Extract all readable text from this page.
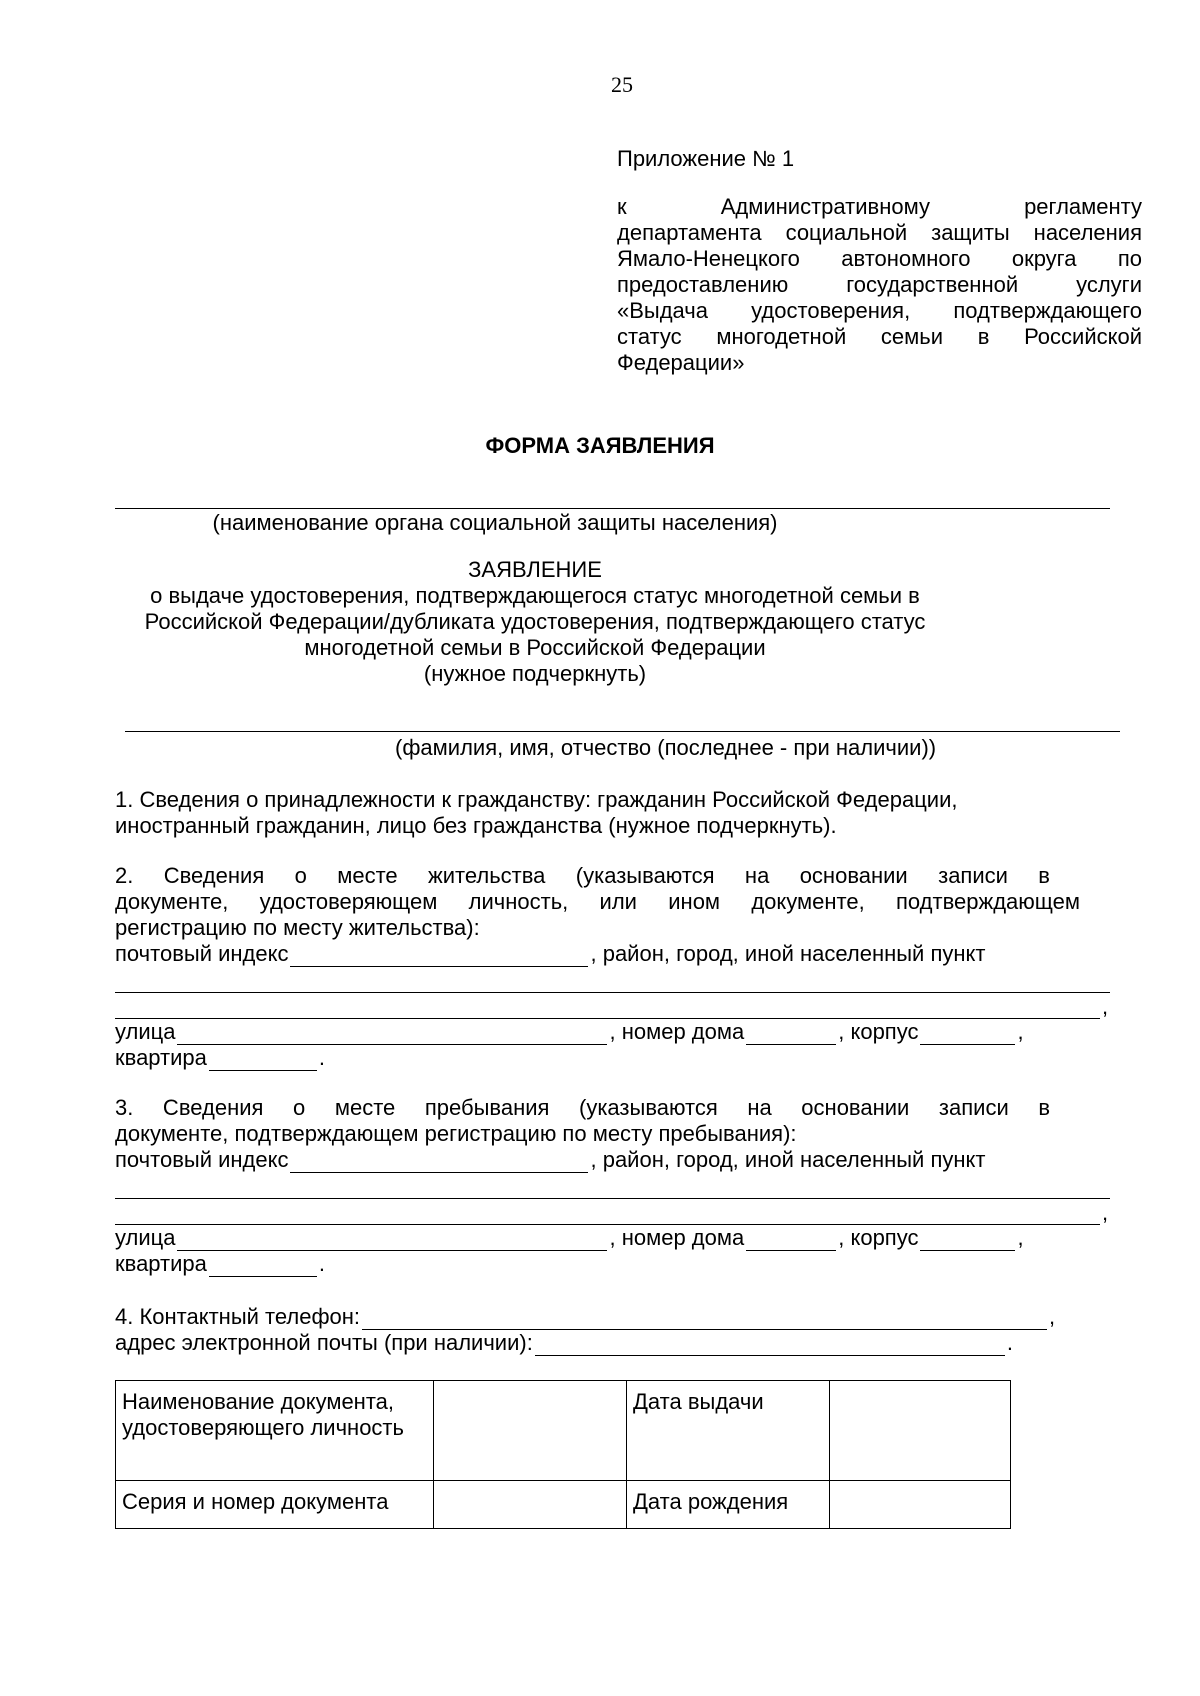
25
Приложение № 1
к Административному регламенту
департамента социальной защиты населения
Ямало-Ненецкого автономного округа по
предоставлению государственной услуги
«Выдача удостоверения, подтверждающего
статус многодетной семьи в Российской
Федерации»
ФОРМА ЗАЯВЛЕНИЯ
(наименование органа социальной защиты населения)
ЗАЯВЛЕНИЕ
о выдаче удостоверения, подтверждающегося статус многодетной семьи в
Российской Федерации/дубликата удостоверения, подтверждающего статус
многодетной семьи в Российской Федерации
(нужное подчеркнуть)
(фамилия, имя, отчество (последнее - при наличии))
1. Сведения о принадлежности к гражданству: гражданин Российской Федерации,
иностранный гражданин, лицо без гражданства (нужное подчеркнуть).
2. Сведения о месте жительства (указываются на основании записи в
документе, удостоверяющем личность, или ином документе, подтверждающем
регистрацию по месту жительства):
почтовый индекс	, район, город, иной населенный пункт
,
улица	, номер дома	, корпус	,
квартира	.
3. Сведения о месте пребывания (указываются на основании записи в
документе, подтверждающем регистрацию по месту пребывания):
почтовый индекс	, район, город, иной населенный пункт
,
улица	, номер дома	, корпус	,
квартира	.
4. Контактный телефон:	,
адрес электронной почты (при наличии):	.
Наименование документа, удостоверяющего личность		Дата выдачи	
Серия и номер документа		Дата рождения	
